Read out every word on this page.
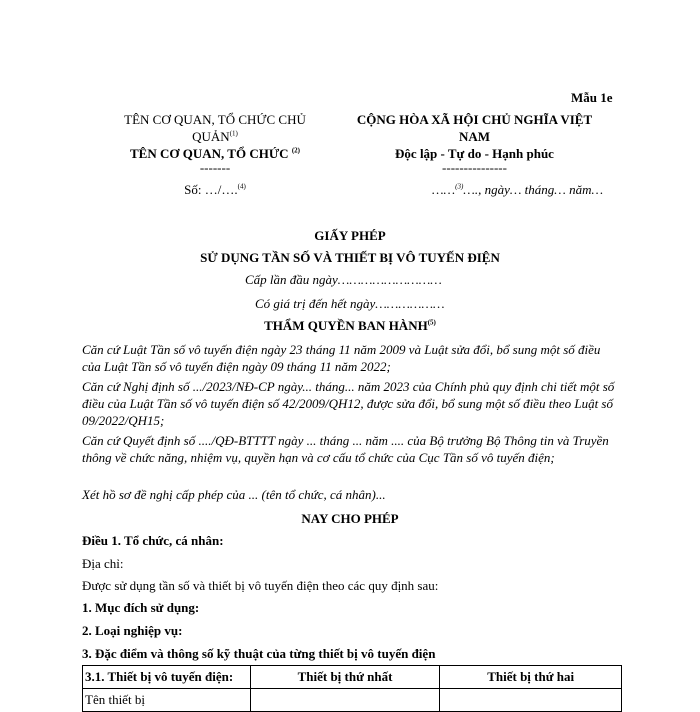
Mẫu 1e
TÊN CƠ QUAN, TỔ CHỨC CHỦ QUẢN$^{(1)}$
TÊN CƠ QUAN, TỔ CHỨC $^{(2)}$
-------
Số: …/….$^{(4)}$
CỘNG HÒA XÃ HỘI CHỦ NGHĨA VIỆT NAM
Độc lập - Tự do - Hạnh phúc
---------------
……$^{(3)}$…., ngày… tháng… năm…
GIẤY PHÉP
SỬ DỤNG TẦN SỐ VÀ THIẾT BỊ VÔ TUYẾN ĐIỆN
Cấp lần đầu ngày………………………
Có giá trị đến hết ngày………………
THẨM QUYỀN BAN HÀNH$^{(5)}$
Căn cứ Luật Tần số vô tuyến điện ngày 23 tháng 11 năm 2009 và Luật sửa đổi, bổ sung một số điều của Luật Tần số vô tuyến điện ngày 09 tháng 11 năm 2022;
Căn cứ Nghị định số .../2023/NĐ-CP ngày... tháng... năm 2023 của Chính phủ quy định chi tiết một số điều của Luật Tần số vô tuyến điện số 42/2009/QH12, được sửa đổi, bổ sung một số điều theo Luật số 09/2022/QH15;
Căn cứ Quyết định số ..../QĐ-BTTTT ngày ... tháng ... năm .... của Bộ trưởng Bộ Thông tin và Truyền thông về chức năng, nhiệm vụ, quyền hạn và cơ cấu tổ chức của Cục Tần số vô tuyến điện;
Xét hồ sơ đề nghị cấp phép của ... (tên tổ chức, cá nhân)...
NAY CHO PHÉP
Điều 1. Tổ chức, cá nhân:
Địa chỉ:
Được sử dụng tần số và thiết bị vô tuyến điện theo các quy định sau:
1. Mục đích sử dụng:
2. Loại nghiệp vụ:
3. Đặc điểm và thông số kỹ thuật của từng thiết bị vô tuyến điện
3.1. Thiết bị vô tuyến điện:	Thiết bị thứ nhất	Thiết bị thứ hai
Tên thiết bị		
